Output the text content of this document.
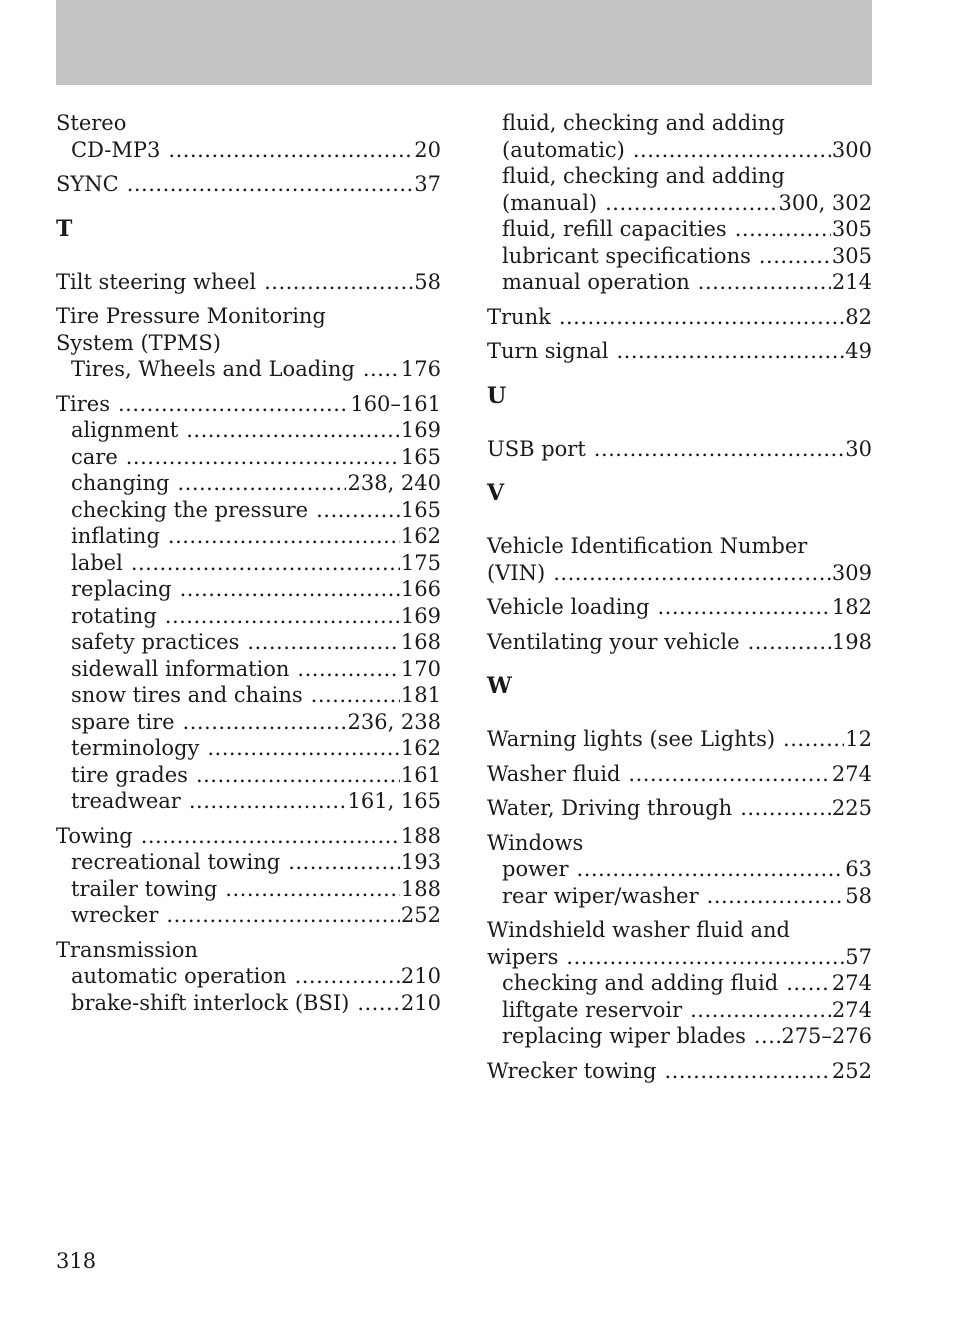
Stereo
CD-MP3 .....	20
SYNC .....	37
T
Tilt steering wheel .....	58
Tire Pressure Monitoring
System (TPMS)
Tires, Wheels and Loading ..... 176
Tires .....	160–161
alignment .....	169
care .....	165
changing .....	238, 240
checking the pressure .....	165
inflating .....	162
label .....	175
replacing .....	166
rotating .....	169
safety practices .....	168
sidewall information .....	170
snow tires and chains .....	181
spare tire .....	236, 238
terminology .....	162
tire grades .....	161
treadwear .....	161, 165
Towing .....	188
recreational towing .....	193
trailer towing .....	188
wrecker .....	252
Transmission
automatic operation .....	210
brake-shift interlock (BSI) ..... 210
fluid, checking and adding
(automatic) .....	300
fluid, checking and adding
(manual) .....	300, 302
fluid, refill capacities .....	305
lubricant specifications .....	305
manual operation .....	214
Trunk .....	82
Turn signal .....	49
U
USB port .....	30
V
Vehicle Identification Number
(VIN) .....	309
Vehicle loading .....	182
Ventilating your vehicle .....	198
W
Warning lights (see Lights) .....	12
Washer fluid .....	274
Water, Driving through .....	225
Windows
power .....	63
rear wiper/washer .....	58
Windshield washer fluid and
wipers .....	57
checking and adding fluid .....	274
liftgate reservoir .....	274
replacing wiper blades ..... 275–276
Wrecker towing .....	252
318
